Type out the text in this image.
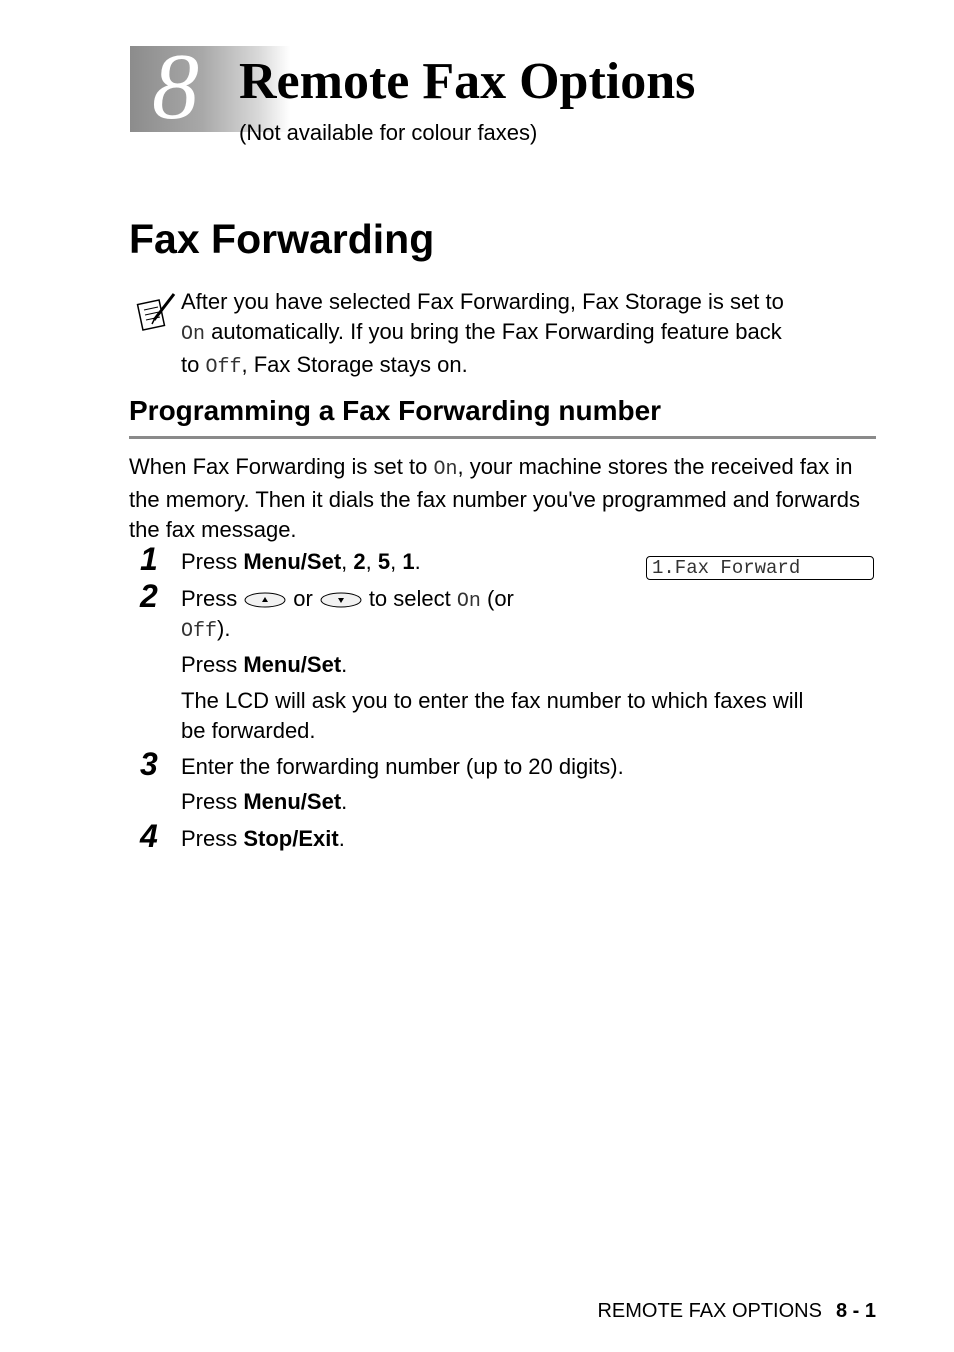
8 Remote Fax Options
(Not available for colour faxes)
Fax Forwarding
After you have selected Fax Forwarding, Fax Storage is set to
On automatically. If you bring the Fax Forwarding feature back
to Off, Fax Storage stays on.
Programming a Fax Forwarding number
When Fax Forwarding is set to On, your machine stores the received fax in the memory. Then it dials the fax number you've programmed and forwards the fax message.
1.Fax Forward
1 Press Menu/Set, 2, 5, 1.
2 Press	or	to select On (or
Off).
Press Menu/Set.
The LCD will ask you to enter the fax number to which faxes will
be forwarded.
3 Enter the forwarding number (up to 20 digits).
Press Menu/Set.
4 Press Stop/Exit.
REMOTE FAX OPTIONS 8 - 1
